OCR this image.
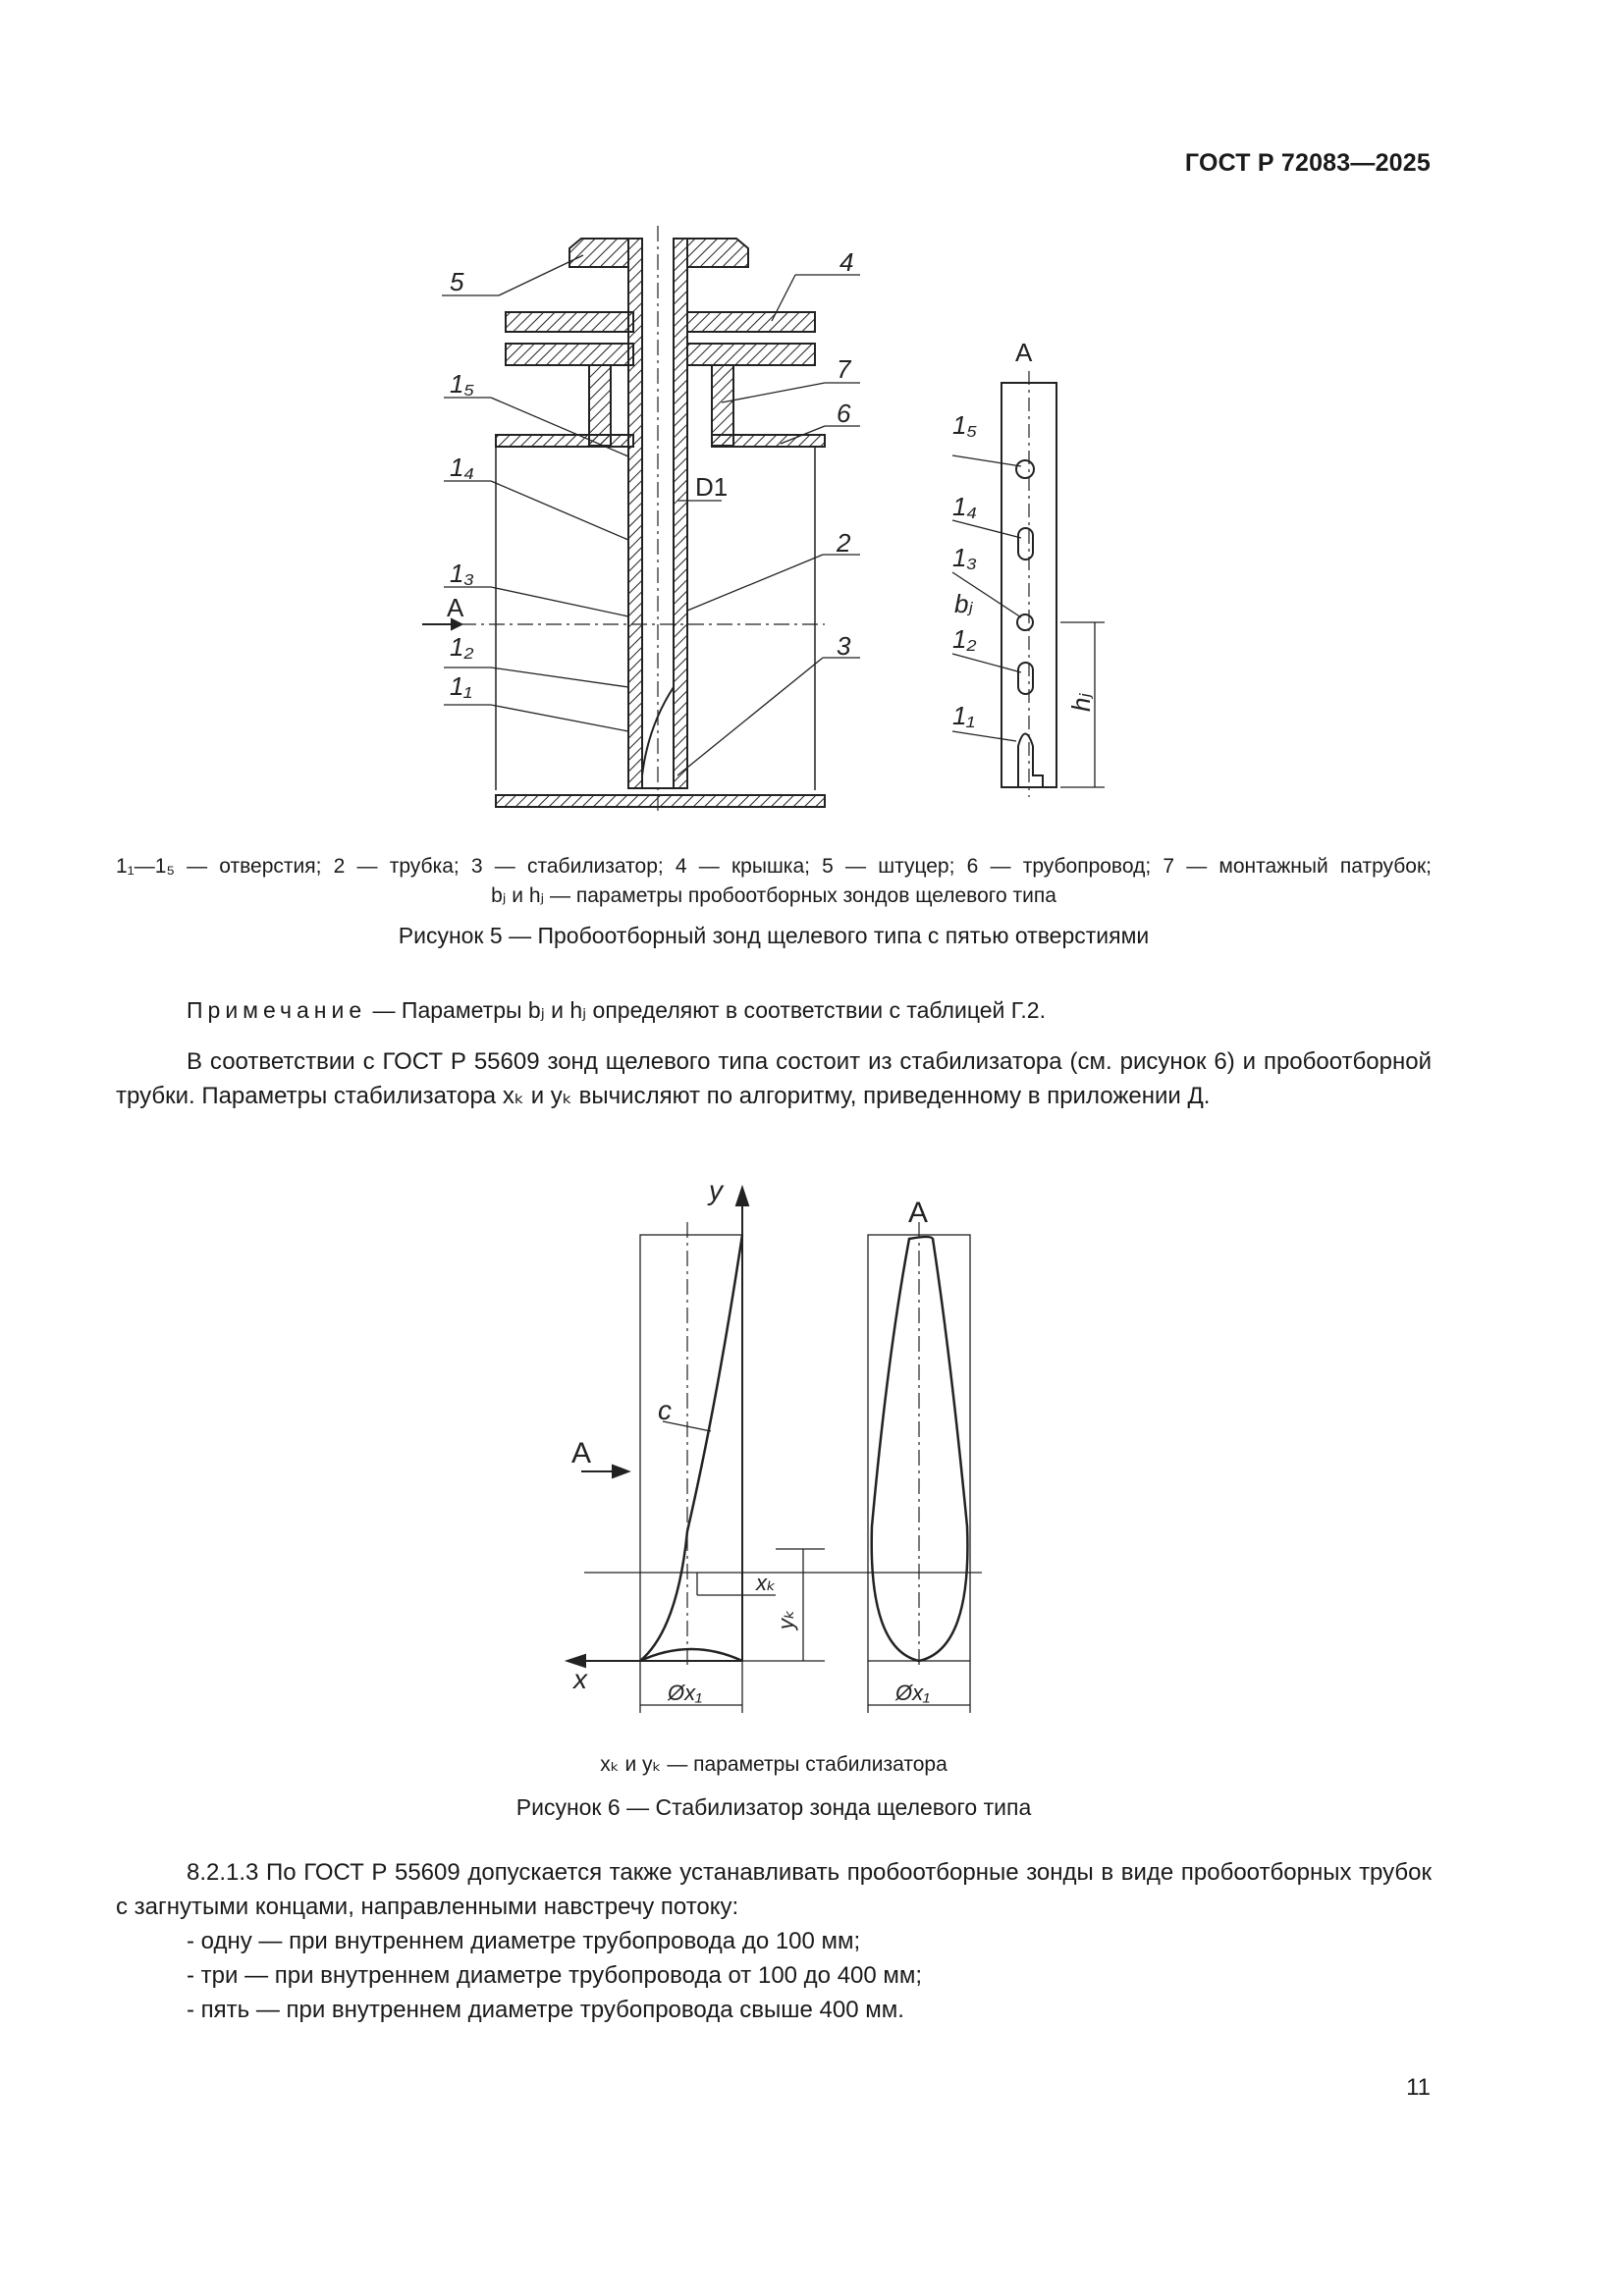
ГОСТ Р 72083—2025
5
4
7
6
2
3
1₅
1₄
1₃
1₂
1₁
1₅
1₄
1₃
1₂
1₁
bⱼ
D1
A
A
hⱼ
1₁—1₅ — отверстия; 2 — трубка; 3 — стабилизатор; 4 — крышка; 5 — штуцер; 6 — трубопровод; 7 — монтажный патрубок;
bⱼ и hⱼ — параметры пробоотборных зондов щелевого типа
Рисунок 5 — Пробоотборный зонд щелевого типа с пятью отверстиями
Примечание — Параметры bⱼ и hⱼ определяют в соответствии с таблицей Г.2.
В соответствии с ГОСТ Р 55609 зонд щелевого типа состоит из стабилизатора (см. рисунок 6) и пробоотборной трубки. Параметры стабилизатора xₖ и yₖ вычисляют по алгоритму, приведенному в приложении Д.
y
x
c
xₖ
yₖ
Øx₁	Øx₁
A
A
xₖ и yₖ — параметры стабилизатора
Рисунок 6 — Стабилизатор зонда щелевого типа
8.2.1.3 По ГОСТ Р 55609 допускается также устанавливать пробоотборные зонды в виде пробоотборных трубок с загнутыми концами, направленными навстречу потоку:
- одну — при внутреннем диаметре трубопровода до 100 мм;
- три — при внутреннем диаметре трубопровода от 100 до 400 мм;
- пять — при внутреннем диаметре трубопровода свыше 400 мм.
11
